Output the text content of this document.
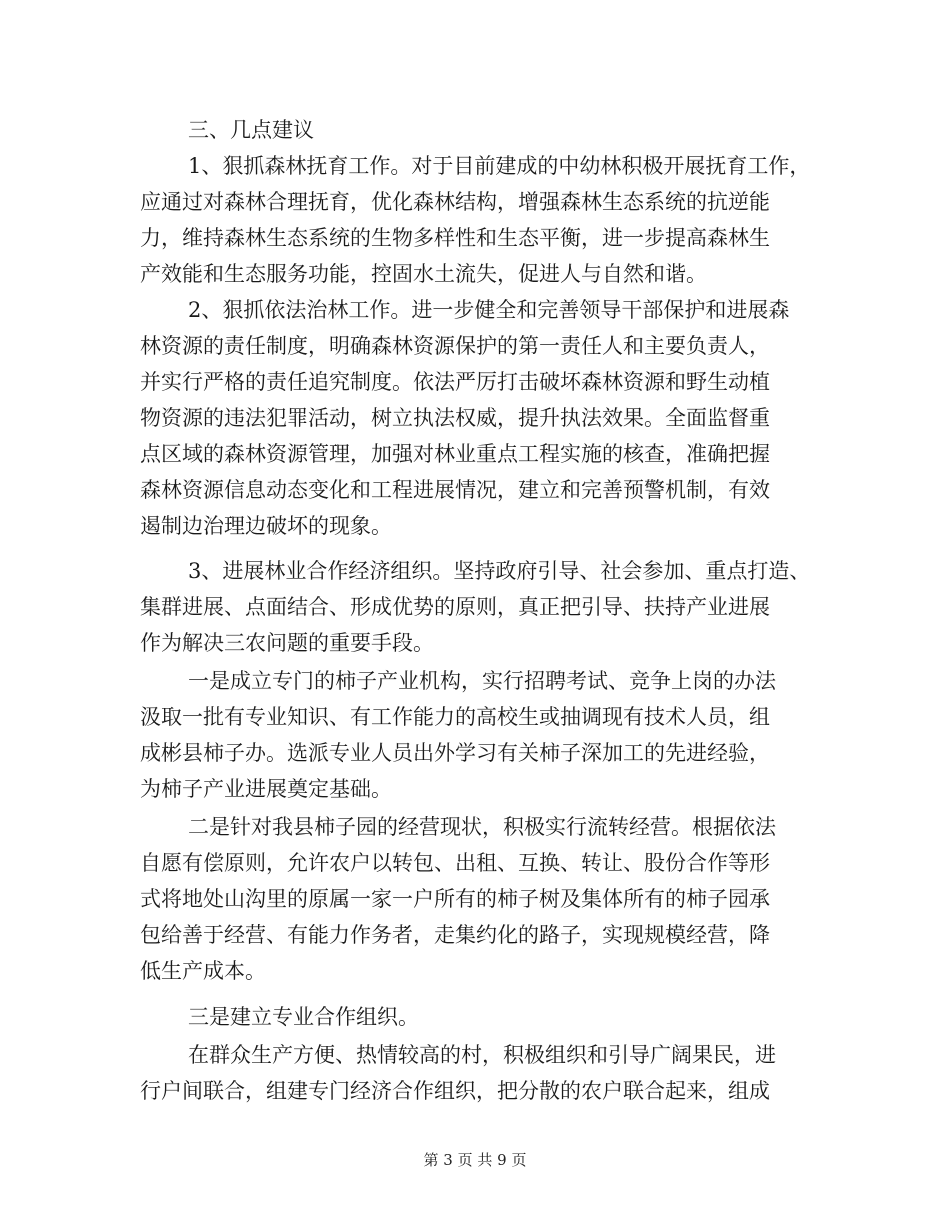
三、几点建议
1、狠抓森林抚育工作。对于目前建成的中幼林积极开展抚育工作，
应通过对森林合理抚育，优化森林结构，增强森林生态系统的抗逆能
力，维持森林生态系统的生物多样性和生态平衡，进一步提高森林生
产效能和生态服务功能，控固水土流失，促进人与自然和谐。
2、狠抓依法治林工作。进一步健全和完善领导干部保护和进展森
林资源的责任制度，明确森林资源保护的第一责任人和主要负责人，
并实行严格的责任追究制度。依法严厉打击破坏森林资源和野生动植
物资源的违法犯罪活动，树立执法权威，提升执法效果。全面监督重
点区域的森林资源管理，加强对林业重点工程实施的核查，准确把握
森林资源信息动态变化和工程进展情况，建立和完善预警机制，有效
遏制边治理边破坏的现象。
3、进展林业合作经济组织。坚持政府引导、社会参加、重点打造、
集群进展、点面结合、形成优势的原则，真正把引导、扶持产业进展
作为解决三农问题的重要手段。
一是成立专门的柿子产业机构，实行招聘考试、竞争上岗的办法
汲取一批有专业知识、有工作能力的高校生或抽调现有技术人员，组
成彬县柿子办。选派专业人员出外学习有关柿子深加工的先进经验，
为柿子产业进展奠定基础。
二是针对我县柿子园的经营现状，积极实行流转经营。根据依法
自愿有偿原则，允许农户以转包、出租、互换、转让、股份合作等形
式将地处山沟里的原属一家一户所有的柿子树及集体所有的柿子园承
包给善于经营、有能力作务者，走集约化的路子，实现规模经营，降
低生产成本。
三是建立专业合作组织。
在群众生产方便、热情较高的村，积极组织和引导广阔果民，进
行户间联合，组建专门经济合作组织，把分散的农户联合起来，组成
第 3 页 共 9 页
